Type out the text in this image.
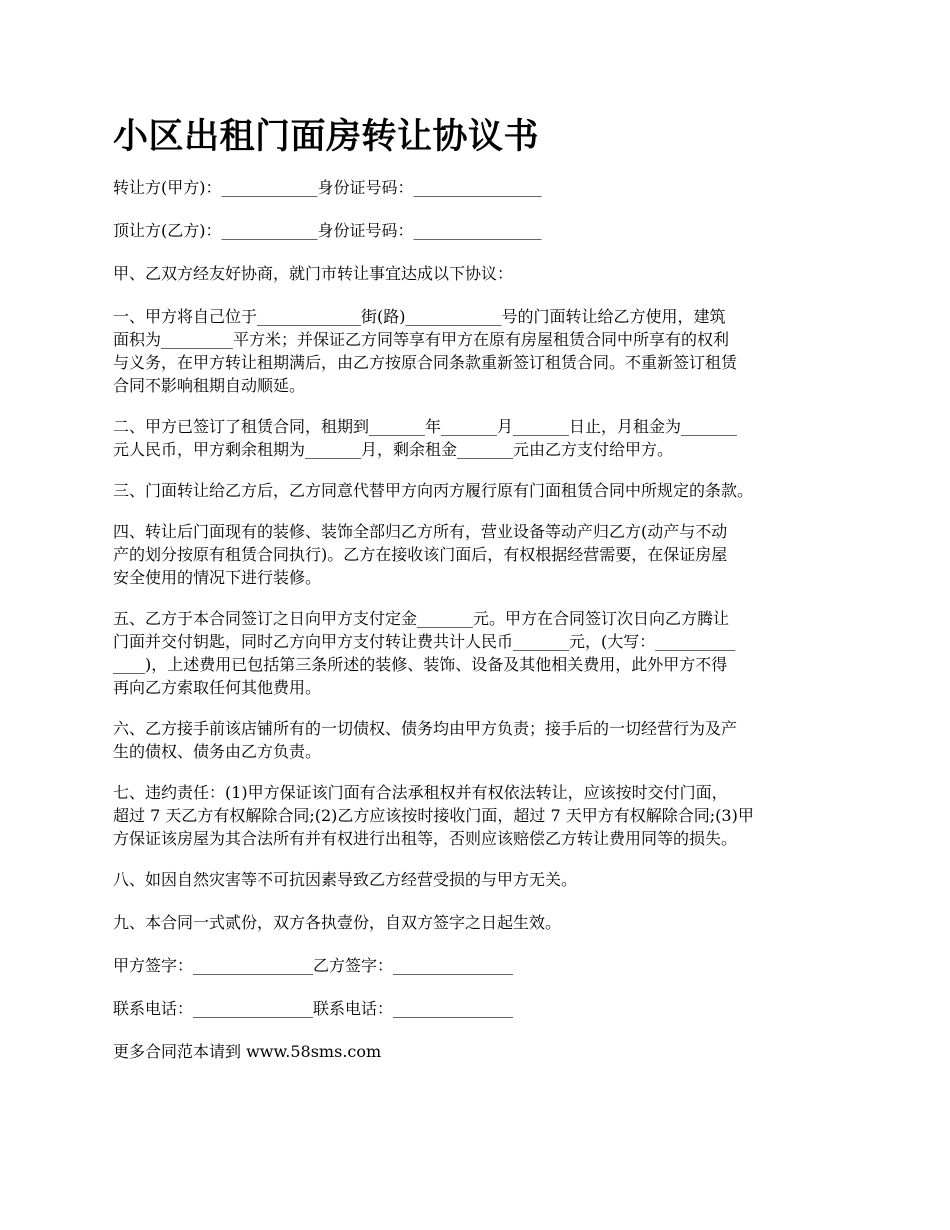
小区出租门面房转让协议书

转让方(甲方)：____________身份证号码：________________

顶让方(乙方)：____________身份证号码：________________

甲、乙双方经友好协商，就门市转让事宜达成以下协议：

一、甲方将自己位于_____________街(路)____________号的门面转让给乙方使用，建筑
面积为_________平方米；并保证乙方同等享有甲方在原有房屋租赁合同中所享有的权利
与义务，在甲方转让租期满后，由乙方按原合同条款重新签订租赁合同。不重新签订租赁
合同不影响租期自动顺延。

二、甲方已签订了租赁合同，租期到_______年_______月_______日止，月租金为_______
元人民币，甲方剩余租期为_______月，剩余租金_______元由乙方支付给甲方。

三、门面转让给乙方后，乙方同意代替甲方向丙方履行原有门面租赁合同中所规定的条款。

四、转让后门面现有的装修、装饰全部归乙方所有，营业设备等动产归乙方(动产与不动
产的划分按原有租赁合同执行)。乙方在接收该门面后，有权根据经营需要，在保证房屋
安全使用的情况下进行装修。

五、乙方于本合同签订之日向甲方支付定金_______元。甲方在合同签订次日向乙方腾让
门面并交付钥匙，同时乙方向甲方支付转让费共计人民币_______元，(大写：__________
____)，上述费用已包括第三条所述的装修、装饰、设备及其他相关费用，此外甲方不得
再向乙方索取任何其他费用。

六、乙方接手前该店铺所有的一切债权、债务均由甲方负责；接手后的一切经营行为及产
生的债权、债务由乙方负责。

七、违约责任：(1)甲方保证该门面有合法承租权并有权依法转让，应该按时交付门面，
超过 7 天乙方有权解除合同;(2)乙方应该按时接收门面，超过 7 天甲方有权解除合同;(3)甲
方保证该房屋为其合法所有并有权进行出租等，否则应该赔偿乙方转让费用同等的损失。

八、如因自然灾害等不可抗因素导致乙方经营受损的与甲方无关。

九、本合同一式贰份，双方各执壹份，自双方签字之日起生效。

甲方签字：_______________乙方签字：_______________

联系电话：_______________联系电话：_______________

更多合同范本请到 www.58sms.com
